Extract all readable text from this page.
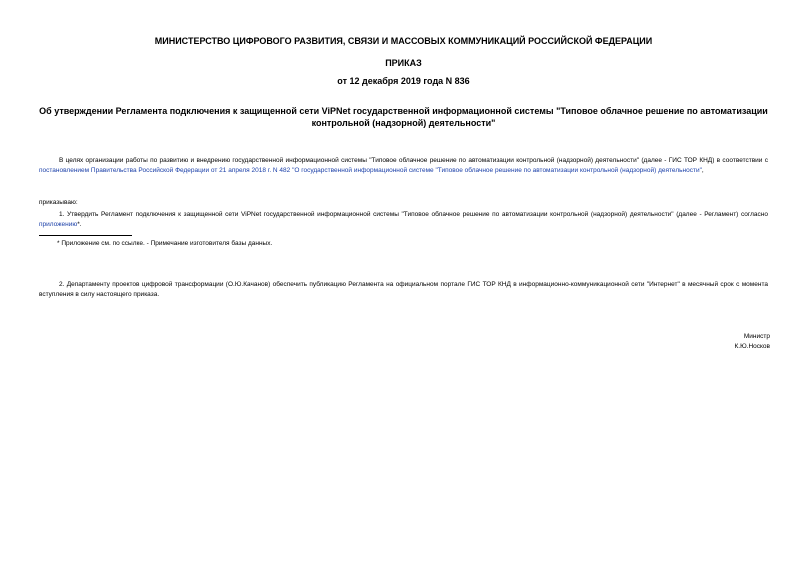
МИНИСТЕРСТВО ЦИФРОВОГО РАЗВИТИЯ, СВЯЗИ И МАССОВЫХ КОММУНИКАЦИЙ РОССИЙСКОЙ ФЕДЕРАЦИИ
ПРИКАЗ
от 12 декабря 2019 года N 836
Об утверждении Регламента подключения к защищенной сети ViPNet государственной информационной системы "Типовое облачное решение по автоматизации контрольной (надзорной) деятельности"
В целях организации работы по развитию и внедрению государственной информационной системы "Типовое облачное решение по автоматизации контрольной (надзорной) деятельности" (далее - ГИС ТОР КНД) в соответствии с постановлением Правительства Российской Федерации от 21 апреля 2018 г. N 482 "О государственной информационной системе "Типовое облачное решение по автоматизации контрольной (надзорной) деятельности",
приказываю:
1. Утвердить Регламент подключения к защищенной сети ViPNet государственной информационной системы "Типовое облачное решение по автоматизации контрольной (надзорной) деятельности" (далее - Регламент) согласно приложению*.
* Приложение см. по ссылке. - Примечание изготовителя базы данных.
2. Департаменту проектов цифровой трансформации (О.Ю.Качанов) обеспечить публикацию Регламента на официальном портале ГИС ТОР КНД в информационно-коммуникационной сети "Интернет" в месячный срок с момента вступления в силу настоящего приказа.
Министр
К.Ю.Носков
